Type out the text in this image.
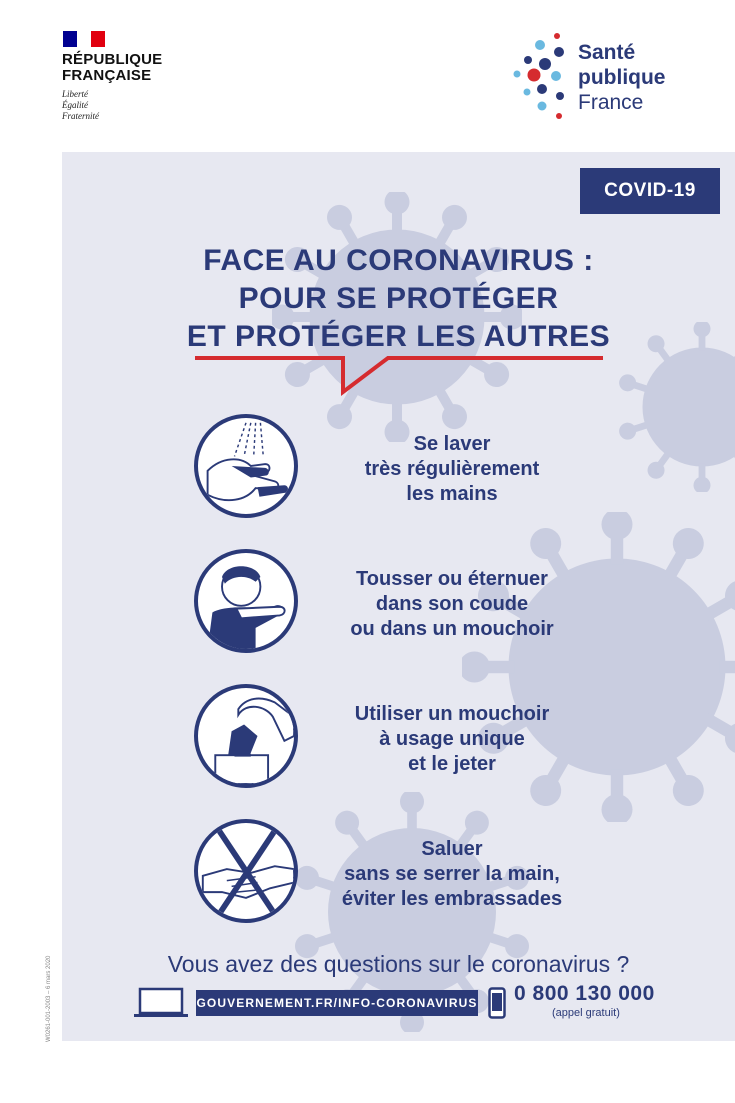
RÉPUBLIQUE
FRANÇAISE
Liberté
Égalité
Fraternité
Santé
publique
France
COVID-19
FACE AU CORONAVIRUS :
POUR SE PROTÉGER
ET PROTÉGER LES AUTRES
Se laver
très régulièrement
les mains
Tousser ou éternuer
dans son coude
ou dans un mouchoir
Utiliser un mouchoir
à usage unique
et le jeter
Saluer
sans se serrer la main,
éviter les embrassades
Vous avez des questions sur le coronavirus ?
GOUVERNEMENT.FR/INFO-CORONAVIRUS 0 800 130 000
(appel gratuit)
W0261-001-2003 – 6 mars 2020
